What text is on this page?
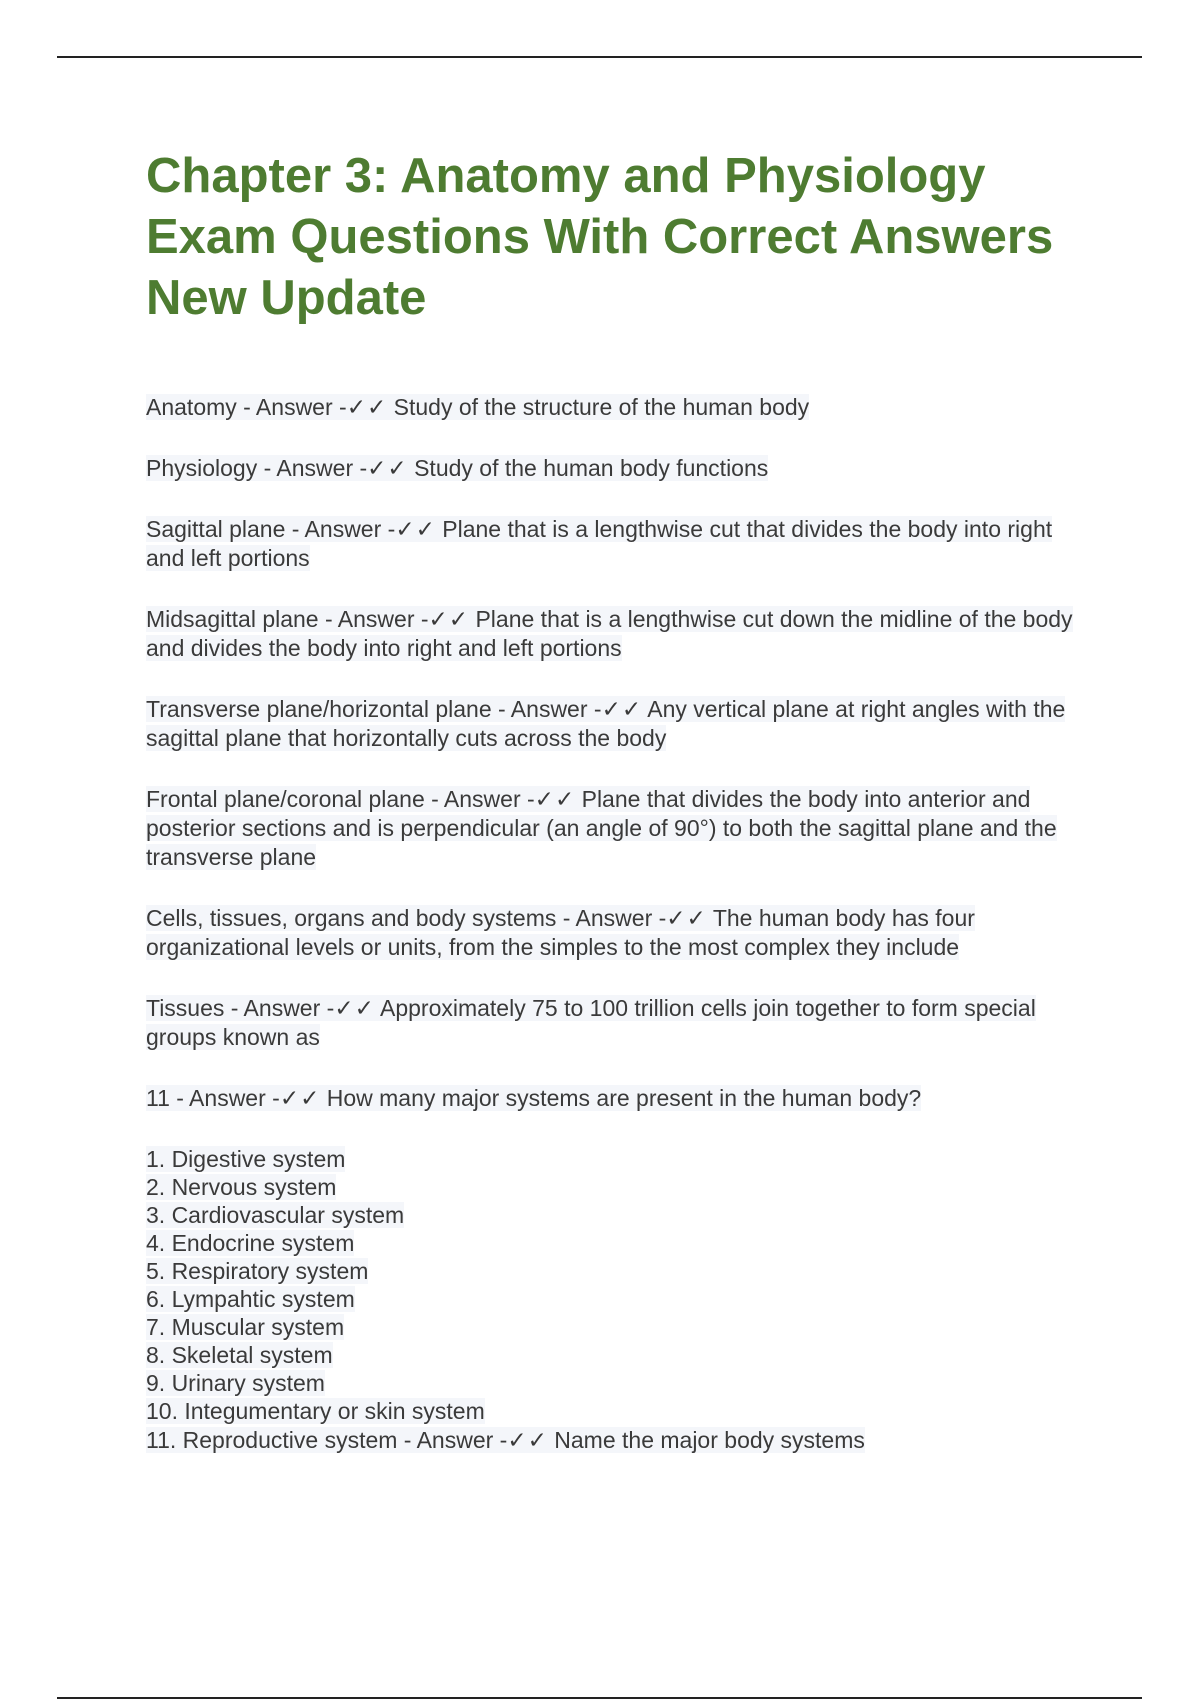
Chapter 3: Anatomy and Physiology Exam Questions With Correct Answers New Update

Anatomy - Answer -✓✓ Study of the structure of the human body

Physiology - Answer -✓✓ Study of the human body functions

Sagittal plane - Answer -✓✓ Plane that is a lengthwise cut that divides the body into right and left portions

Midsagittal plane - Answer -✓✓ Plane that is a lengthwise cut down the midline of the body and divides the body into right and left portions

Transverse plane/horizontal plane - Answer -✓✓ Any vertical plane at right angles with the sagittal plane that horizontally cuts across the body

Frontal plane/coronal plane - Answer -✓✓ Plane that divides the body into anterior and posterior sections and is perpendicular (an angle of 90°) to both the sagittal plane and the transverse plane

Cells, tissues, organs and body systems - Answer -✓✓ The human body has four organizational levels or units, from the simples to the most complex they include

Tissues - Answer -✓✓ Approximately 75 to 100 trillion cells join together to form special groups known as

11 - Answer -✓✓ How many major systems are present in the human body?

1. Digestive system
2. Nervous system
3. Cardiovascular system
4. Endocrine system
5. Respiratory system
6. Lympahtic system
7. Muscular system
8. Skeletal system
9. Urinary system
10. Integumentary or skin system
11. Reproductive system - Answer -✓✓ Name the major body systems
